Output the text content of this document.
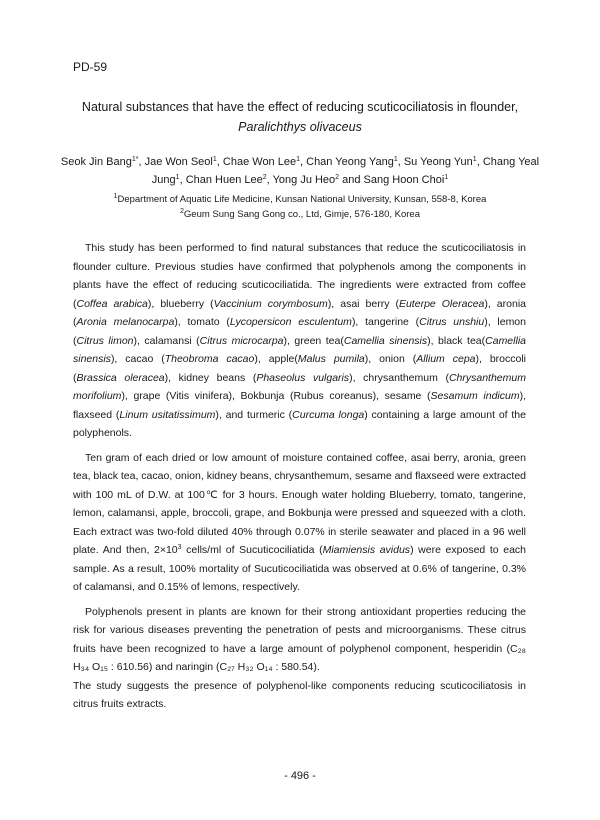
PD-59
Natural substances that have the effect of reducing scuticociliatosis in flounder,
Paralichthys olivaceus
Seok Jin Bang$^{1*}$, Jae Won Seol$^1$, Chae Won Lee$^1$, Chan Yeong Yang$^1$, Su Yeong Yun$^1$, Chang Yeal Jung$^1$, Chan Huen Lee$^2$, Yong Ju Heo$^2$ and Sang Hoon Choi$^1$
$^1$Department of Aquatic Life Medicine, Kunsan National University, Kunsan, 558-8, Korea
$^2$Geum Sung Sang Gong co., Ltd, Gimje, 576-180, Korea

This study has been performed to find natural substances that reduce the scuticociliatosis in flounder culture. Previous studies have confirmed that polyphenols among the components in plants have the effect of reducing scuticociliatida. The ingredients were extracted from coffee (Coffea arabica), blueberry (Vaccinium corymbosum), asai berry (Euterpe Oleracea), aronia (Aronia melanocarpa), tomato (Lycopersicon esculentum), tangerine (Citrus unshiu), lemon (Citrus limon), calamansi (Citrus microcarpa), green tea(Camellia sinensis), black tea(Camellia sinensis), cacao (Theobroma cacao), apple(Malus pumila), onion (Allium cepa), broccoli (Brassica oleracea), kidney beans (Phaseolus vulgaris), chrysanthemum (Chrysanthemum morifolium), grape (Vitis vinifera), Bokbunja (Rubus coreanus), sesame (Sesamum indicum), flaxseed (Linum usitatissimum), and turmeric (Curcuma longa) containing a large amount of the polyphenols.

Ten gram of each dried or low amount of moisture contained coffee, asai berry, aronia, green tea, black tea, cacao, onion, kidney beans, chrysanthemum, sesame and flaxseed were extracted with 100 mL of D.W. at 100℃ for 3 hours. Enough water holding Blueberry, tomato, tangerine, lemon, calamansi, apple, broccoli, grape, and Bokbunja were pressed and squeezed with a cloth. Each extract was two-fold diluted 40% through 0.07% in sterile seawater and placed in a 96 well plate. And then, $2\times 10^3$ cells/ml of Sucuticociliatida (Miamiensis avidus) were exposed to each sample. As a result, 100% mortality of Sucuticociliatida was observed at 0.6% of tangerine, 0.3% of calamansi, and 0.15% of lemons, respectively.

Polyphenols present in plants are known for their strong antioxidant properties reducing the risk for various diseases preventing the penetration of pests and microorganisms. These citrus fruits have been recognized to have a large amount of polyphenol component, hesperidin (C₂₈ H₃₄ O₁₅ : 610.56) and naringin (C₂₇ H₃₂ O₁₄ : 580.54).

The study suggests the presence of polyphenol-like components reducing scuticociliatosis in citrus fruits extracts.

- 496 -
